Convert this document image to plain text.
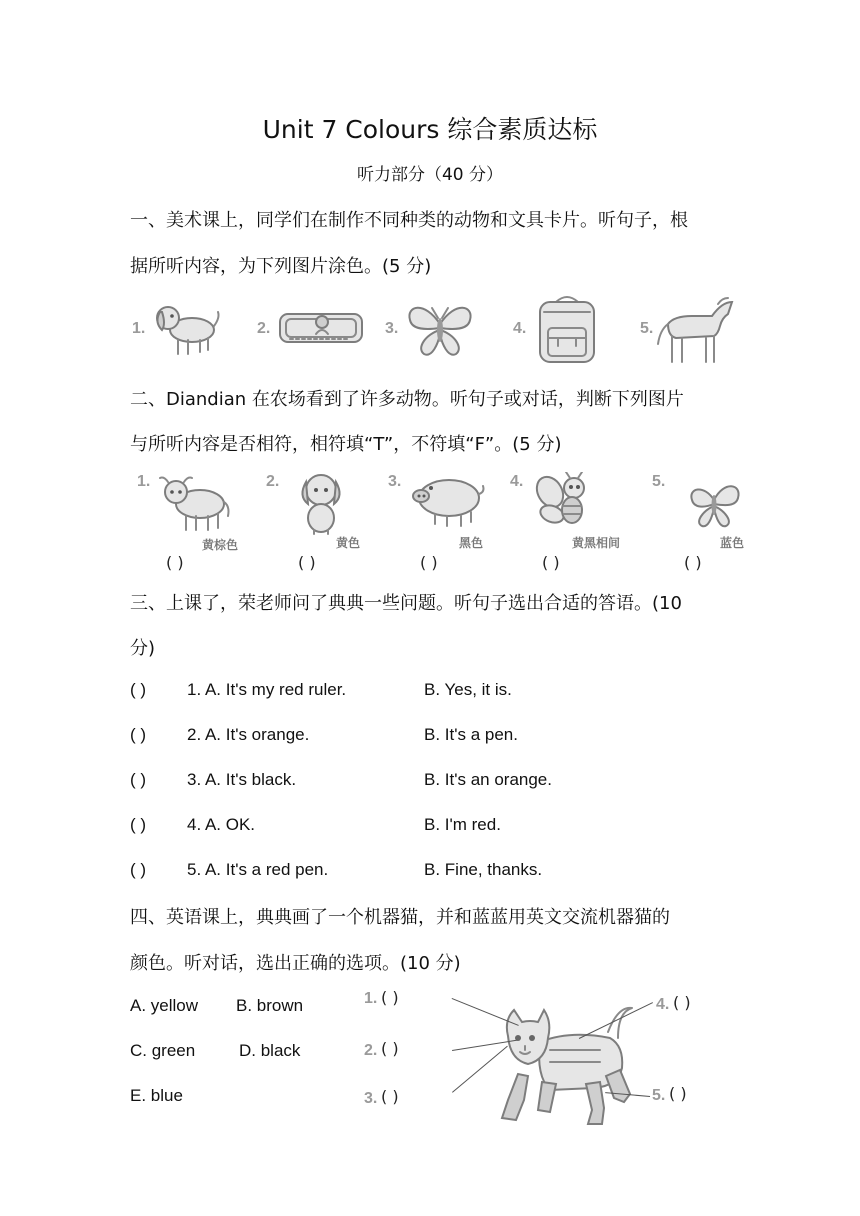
Unit 7 Colours 综合素质达标
听力部分（40 分）
一、美术课上，同学们在制作不同种类的动物和文具卡片。听句子，根
据所听内容，为下列图片涂色。(5 分)
1.	2.	3.	4.	5.
二、Diandian 在农场看到了许多动物。听句子或对话，判断下列图片
与所听内容是否相符，相符填“T”，不符填“F”。(5 分)
1.
黄棕色
( )
2.
黄色
( )
3.
黑色
( )
4.
黄黑相间
( )
5.
蓝色
( )
三、上课了，荣老师问了典典一些问题。听句子选出合适的答语。(10
分)
( ) 1. A. It's my red ruler.	B. Yes, it is.
( ) 2. A. It's orange.	B. It's a pen.
( ) 3. A. It's black.	B. It's an orange.
( ) 4. A. OK.	B. I'm red.
( ) 5. A. It's a red pen.	B. Fine, thanks.
四、英语课上，典典画了一个机器猫，并和蓝蓝用英文交流机器猫的
颜色。听对话，选出正确的选项。(10 分)
A. yellow B. brown
C. green	D. black
E. blue
1. ( )
2. ( )
3. ( )
4. ( )
5. ( )
